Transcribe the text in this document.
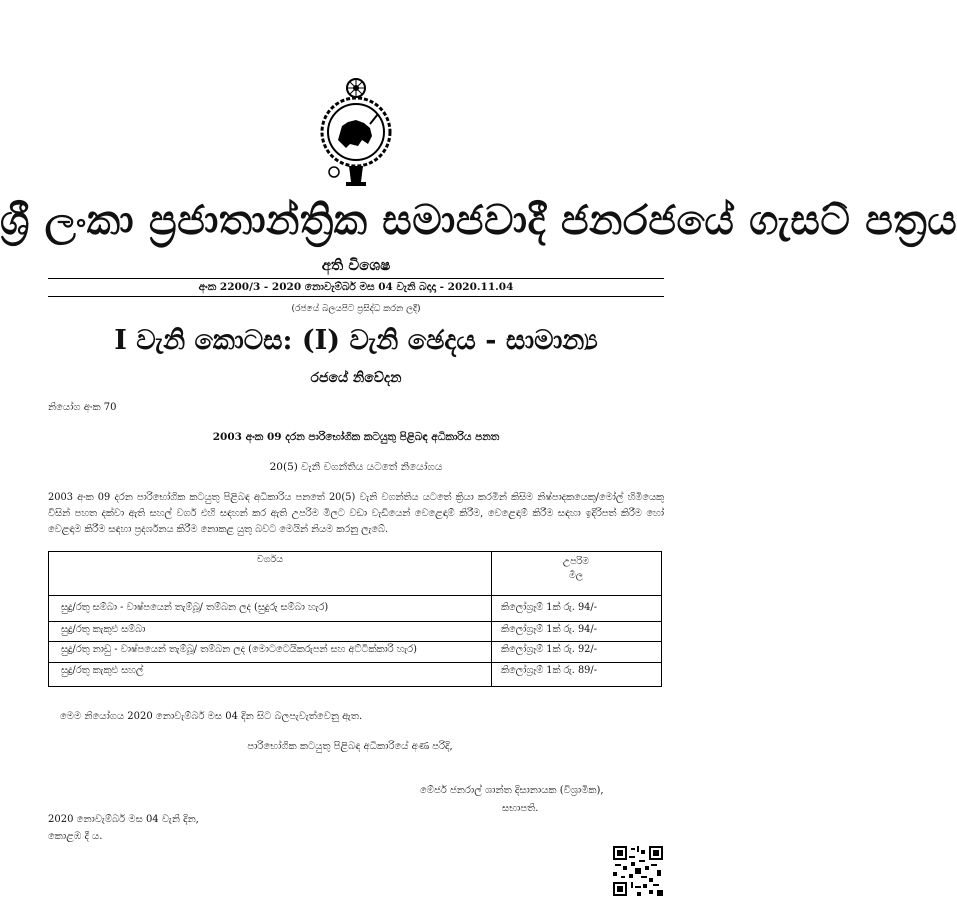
ශ්‍රී ලංකා ප්‍රජාතාන්ත්‍රික සමාජවාදී ජනරජයේ ගැසට් පත්‍රය
අති විශෙෂ
අංක 2200/3 - 2020 නොවැම්බර් මස 04 වැනි බදාදා - 2020.11.04
(රජයේ බලයපිට ප්‍රසිද්ධ කරන ලදී)
I වැනි කොටස: (I) වැනි ඡෙදය - සාමාන්‍ය
රජයේ නිවේදන
නියෝග අංක 70
2003 අංක 09 දරන පාරිභෝගික කටයුතු පිළිබඳ අධිකාරිය පනත
20(5) වැනි වගන්තිය යටතේ නියෝගය
2003 අංක 09 දරන පාරිභෝගික කටයුතු පිළිබඳ අධිකාරිය පනතේ 20(5) වැනි වගන්තිය යටතේ ක්‍රියා කරමින් කිසිම නිෂ්පාදකයෙකු/මෝල් හිමියෙකු විසින් පහත දක්වා ඇති සහල් වර්ග එහි සඳහන් කර ඇති උපරිම මිලට වඩා වැඩියෙන් වෙළෙඳාම් කිරීම, වෙළෙඳාම් කිරීම සඳහා ඉදිරිපත් කිරීම හෝ වෙළඳාම කිරීම සඳහා ප්‍රදර්ශනය කිරීම නොකළ යුතු බවට මෙයින් නියම කරනු ලැබේ.
වර්ගය	උපරිම
මිල
සුදු/රතු සම්බා - වාෂ්පයෙන් තැම්බූ/ තම්බන ලද (සුදුරු සම්බා හැර)	කිලෝග්‍රෑම් 1ක් රු. 94/-
සුදු/රතු කැකුළු සම්බා	කිලෝග්‍රෑම් 1ක් රු. 94/-
සුදු/රතු නාඩු - වාෂ්පයෙන් තැම්බූ/ තම්බන ලද (මොටටෙයිකරුපන් සහ අට්ටික්කාරි හැර)	කිලෝග්‍රෑම් 1ක් රු. 92/-
සුදු/රතු කැකුළු සහල්	කිලෝග්‍රෑම් 1ක් රු. 89/-
මෙම නියෝගය 2020 නොවැම්බර් මස 04 දින සිට බලපැවැත්වෙනු ඇත.
පාරිභෝගික කටයුතු පිළිබඳ අධිකාරියේ අණ පරිදි,
මේජර් ජනරාල් ශාන්ත දිසානායක (විශ්‍රාමික),
සභාපති.
2020 නොවැම්බර් මස 04 වැනි දින,
කොළඹ දී ය.
